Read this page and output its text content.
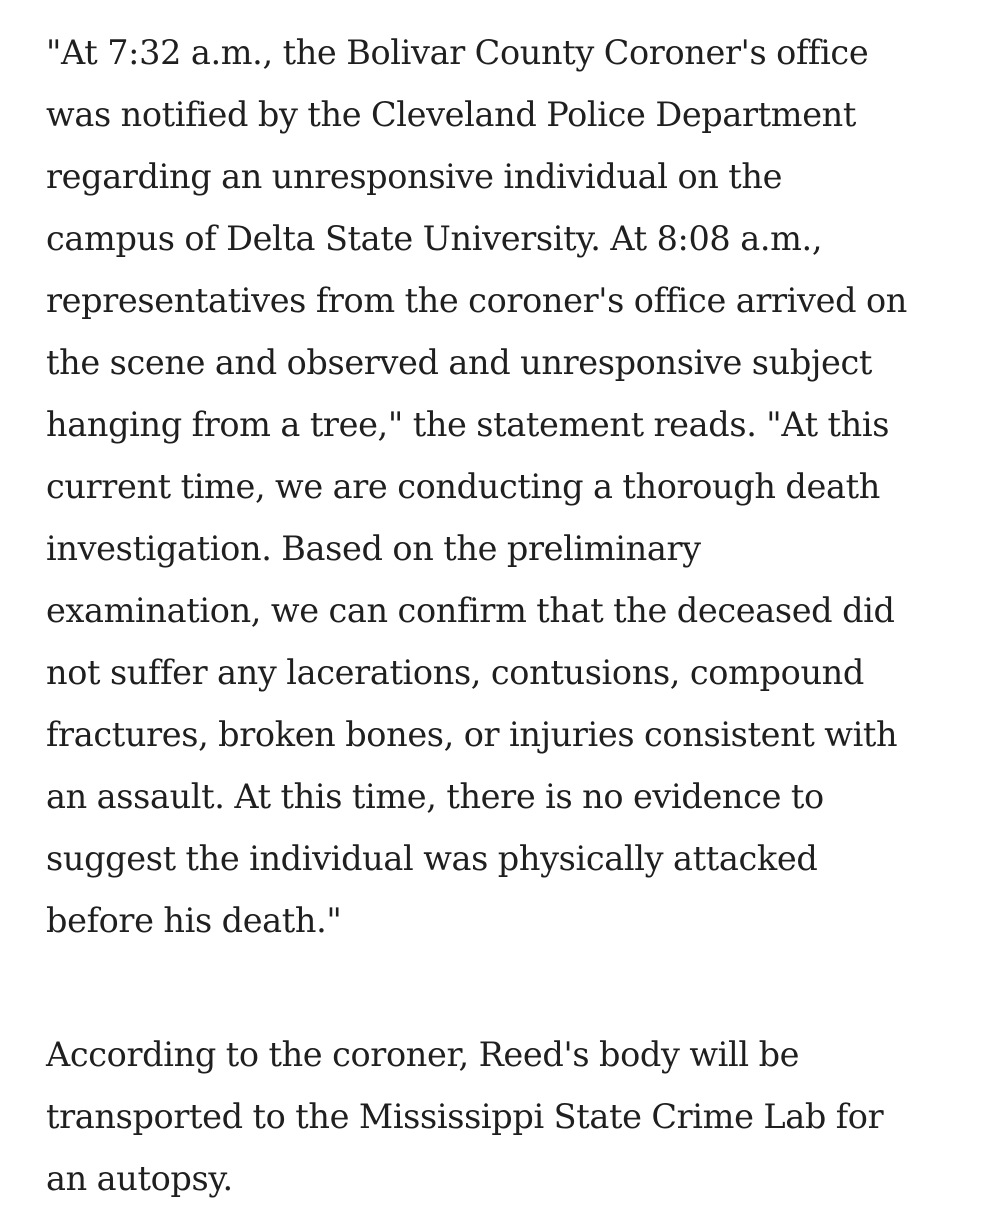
"At 7:32 a.m., the Bolivar County Coroner's office
was notified by the Cleveland Police Department
regarding an unresponsive individual on the
campus of Delta State University. At 8:08 a.m.,
representatives from the coroner's office arrived on
the scene and observed and unresponsive subject
hanging from a tree," the statement reads. "At this
current time, we are conducting a thorough death
investigation. Based on the preliminary
examination, we can confirm that the deceased did
not suffer any lacerations, contusions, compound
fractures, broken bones, or injuries consistent with
an assault. At this time, there is no evidence to
suggest the individual was physically attacked
before his death."

According to the coroner, Reed's body will be
transported to the Mississippi State Crime Lab for
an autopsy.
